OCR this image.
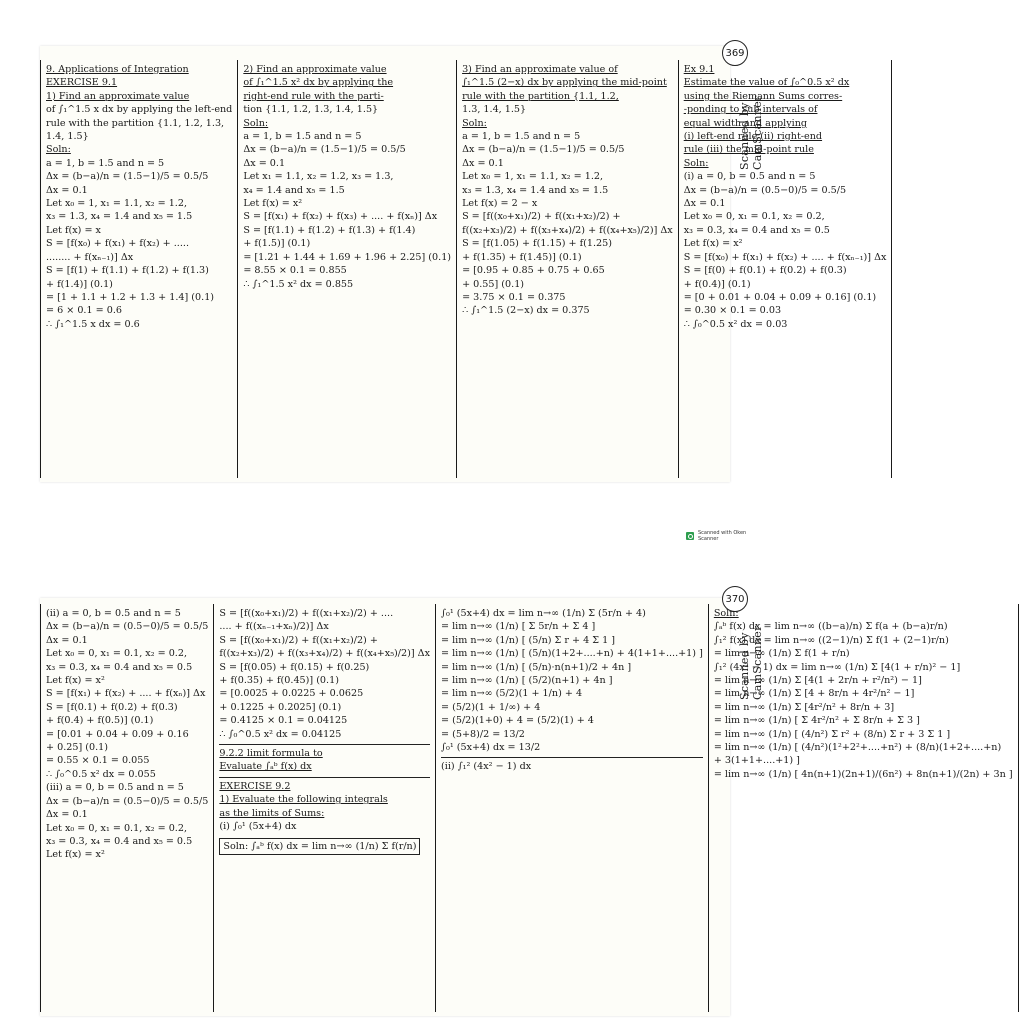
369
9. Applications of Integration
EXERCISE 9.1
1) Find an approximate value
of ∫₁^1.5 x dx by applying the left-end
rule with the partition {1.1, 1.2, 1.3,
1.4, 1.5}
Soln:
a = 1, b = 1.5 and n = 5
Δx = (b−a)/n = (1.5−1)/5 = 0.5/5
Δx = 0.1
Let x₀ = 1, x₁ = 1.1, x₂ = 1.2,
x₃ = 1.3, x₄ = 1.4 and x₅ = 1.5
Let f(x) = x
S = [f(x₀) + f(x₁) + f(x₂) + .....
........ + f(xₙ₋₁)] Δx
S = [f(1) + f(1.1) + f(1.2) + f(1.3)
+ f(1.4)] (0.1)
= [1 + 1.1 + 1.2 + 1.3 + 1.4] (0.1)
= 6 × 0.1 = 0.6
∴ ∫₁^1.5 x dx = 0.6
2) Find an approximate value
of ∫₁^1.5 x² dx by applying the
right-end rule with the parti-
tion {1.1, 1.2, 1.3, 1.4, 1.5}
Soln:
a = 1, b = 1.5 and n = 5
Δx = (b−a)/n = (1.5−1)/5 = 0.5/5
Δx = 0.1
Let x₁ = 1.1, x₂ = 1.2, x₃ = 1.3,
x₄ = 1.4 and x₅ = 1.5
Let f(x) = x²
S = [f(x₁) + f(x₂) + f(x₃) + .... + f(xₙ)] Δx
S = [f(1.1) + f(1.2) + f(1.3) + f(1.4)
+ f(1.5)] (0.1)
= [1.21 + 1.44 + 1.69 + 1.96 + 2.25] (0.1)
= 8.55 × 0.1 = 0.855
∴ ∫₁^1.5 x² dx = 0.855
3) Find an approximate value of
∫₁^1.5 (2−x) dx by applying the mid-point
rule with the partition {1.1, 1.2,
1.3, 1.4, 1.5}
Soln:
a = 1, b = 1.5 and n = 5
Δx = (b−a)/n = (1.5−1)/5 = 0.5/5
Δx = 0.1
Let x₀ = 1, x₁ = 1.1, x₂ = 1.2,
x₃ = 1.3, x₄ = 1.4 and x₅ = 1.5
Let f(x) = 2 − x
S = [f((x₀+x₁)/2) + f((x₁+x₂)/2) +
f((x₂+x₃)/2) + f((x₃+x₄)/2) + f((x₄+x₅)/2)] Δx
S = [f(1.05) + f(1.15) + f(1.25)
+ f(1.35) + f(1.45)] (0.1)
= [0.95 + 0.85 + 0.75 + 0.65
+ 0.55] (0.1)
= 3.75 × 0.1 = 0.375
∴ ∫₁^1.5 (2−x) dx = 0.375
Ex 9.1
Estimate the value of ∫₀^0.5 x² dx
using the Riemann Sums corres-
-ponding to sub intervals of
equal width and applying
(i) left-end rule (ii) right-end
rule (iii) the mid-point rule
Soln:
(i) a = 0, b = 0.5 and n = 5
Δx = (b−a)/n = (0.5−0)/5 = 0.5/5
Δx = 0.1
Let x₀ = 0, x₁ = 0.1, x₂ = 0.2,
x₃ = 0.3, x₄ = 0.4 and x₅ = 0.5
Let f(x) = x²
S = [f(x₀) + f(x₁) + f(x₂) + .... + f(xₙ₋₁)] Δx
S = [f(0) + f(0.1) + f(0.2) + f(0.3)
+ f(0.4)] (0.1)
= [0 + 0.01 + 0.04 + 0.09 + 0.16] (0.1)
= 0.30 × 0.1 = 0.03
∴ ∫₀^0.5 x² dx = 0.03
370
(ii) a = 0, b = 0.5 and n = 5
Δx = (b−a)/n = (0.5−0)/5 = 0.5/5
Δx = 0.1
Let x₀ = 0, x₁ = 0.1, x₂ = 0.2,
x₃ = 0.3, x₄ = 0.4 and x₅ = 0.5
Let f(x) = x²
S = [f(x₁) + f(x₂) + .... + f(xₙ)] Δx
S = [f(0.1) + f(0.2) + f(0.3)
+ f(0.4) + f(0.5)] (0.1)
= [0.01 + 0.04 + 0.09 + 0.16
+ 0.25] (0.1)
= 0.55 × 0.1 = 0.055
∴ ∫₀^0.5 x² dx = 0.055
(iii) a = 0, b = 0.5 and n = 5
Δx = (b−a)/n = (0.5−0)/5 = 0.5/5
Δx = 0.1
Let x₀ = 0, x₁ = 0.1, x₂ = 0.2,
x₃ = 0.3, x₄ = 0.4 and x₅ = 0.5
Let f(x) = x²
S = [f((x₀+x₁)/2) + f((x₁+x₂)/2) + ....
.... + f((xₙ₋₁+xₙ)/2)] Δx
S = [f((x₀+x₁)/2) + f((x₁+x₂)/2) +
f((x₂+x₃)/2) + f((x₃+x₄)/2) + f((x₄+x₅)/2)] Δx
S = [f(0.05) + f(0.15) + f(0.25)
+ f(0.35) + f(0.45)] (0.1)
= [0.0025 + 0.0225 + 0.0625
+ 0.1225 + 0.2025] (0.1)
= 0.4125 × 0.1 = 0.04125
∴ ∫₀^0.5 x² dx = 0.04125
9.2.2 limit formula to
Evaluate ∫ₐᵇ f(x) dx
EXERCISE 9.2
1) Evaluate the following integrals
as the limits of Sums:
(i) ∫₀¹ (5x+4) dx
Soln: ∫ₐᵇ f(x) dx = lim n→∞ (1/n) Σ f(r/n)
∫₀¹ (5x+4) dx = lim n→∞ (1/n) Σ (5r/n + 4)
= lim n→∞ (1/n) [ Σ 5r/n + Σ 4 ]
= lim n→∞ (1/n) [ (5/n) Σ r + 4 Σ 1 ]
= lim n→∞ (1/n) [ (5/n)(1+2+....+n) + 4(1+1+....+1) ]
= lim n→∞ (1/n) [ (5/n)·n(n+1)/2 + 4n ]
= lim n→∞ (1/n) [ (5/2)(n+1) + 4n ]
= lim n→∞ (5/2)(1 + 1/n) + 4
= (5/2)(1 + 1/∞) + 4
= (5/2)(1+0) + 4 = (5/2)(1) + 4
= (5+8)/2 = 13/2
∫₀¹ (5x+4) dx = 13/2
(ii) ∫₁² (4x² − 1) dx
Soln:
∫ₐᵇ f(x) dx = lim n→∞ ((b−a)/n) Σ f(a + (b−a)r/n)
∫₁² f(x) dx = lim n→∞ ((2−1)/n) Σ f(1 + (2−1)r/n)
= lim n→∞ (1/n) Σ f(1 + r/n)
∫₁² (4x² − 1) dx = lim n→∞ (1/n) Σ [4(1 + r/n)² − 1]
= lim n→∞ (1/n) Σ [4(1 + 2r/n + r²/n²) − 1]
= lim n→∞ (1/n) Σ [4 + 8r/n + 4r²/n² − 1]
= lim n→∞ (1/n) Σ [4r²/n² + 8r/n + 3]
= lim n→∞ (1/n) [ Σ 4r²/n² + Σ 8r/n + Σ 3 ]
= lim n→∞ (1/n) [ (4/n²) Σ r² + (8/n) Σ r + 3 Σ 1 ]
= lim n→∞ (1/n) [ (4/n²)(1²+2²+....+n²) + (8/n)(1+2+....+n)
+ 3(1+1+....+1) ]
= lim n→∞ (1/n) [ 4n(n+1)(2n+1)/(6n²) + 8n(n+1)/(2n) + 3n ]
Scanned by CamScanner
Scanned by CamScanner
Scanned with Oken Scanner
